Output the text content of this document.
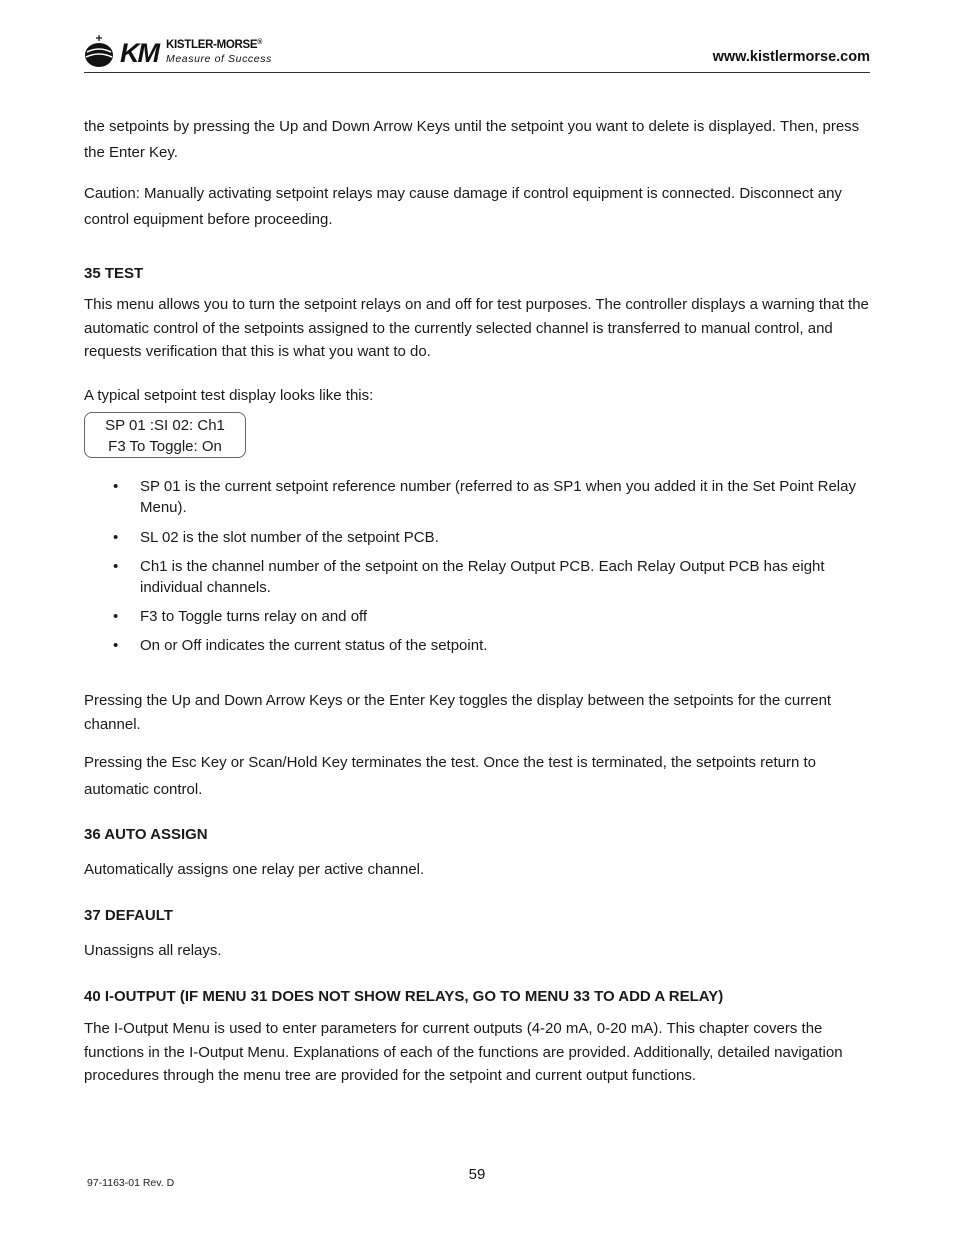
KM KISTLER-MORSE®
Measure of Success	www.kistlermorse.com

the setpoints by pressing the Up and Down Arrow Keys until the setpoint you want to delete is displayed. Then, press the Enter Key.

Caution: Manually activating setpoint relays may cause damage if control equipment is connected. Disconnect any control equipment before proceeding.

35 TEST

This menu allows you to turn the setpoint relays on and off for test purposes. The controller displays a warning that the automatic control of the setpoints assigned to the currently selected channel is transferred to manual control, and requests verification that this is what you want to do.

A typical setpoint test display looks like this:

SP 01 :SI 02: Ch1
F3 To Toggle: On
• SP 01 is the current setpoint reference number (referred to as SP1 when you added it in the Set Point Relay Menu).
• SL 02 is the slot number of the setpoint PCB.
• Ch1 is the channel number of the setpoint on the Relay Output PCB. Each Relay Output PCB has eight individual channels.
• F3 to Toggle turns relay on and off
• On or Off indicates the current status of the setpoint.

Pressing the Up and Down Arrow Keys or the Enter Key toggles the display between the setpoints for the current channel.

Pressing the Esc Key or Scan/Hold Key terminates the test. Once the test is terminated, the setpoints return to automatic control.

36 AUTO ASSIGN

Automatically assigns one relay per active channel.

37 DEFAULT

Unassigns all relays.

40 I-OUTPUT (IF MENU 31 DOES NOT SHOW RELAYS, GO TO MENU 33 TO ADD A RELAY)

The I-Output Menu is used to enter parameters for current outputs (4-20 mA, 0-20 mA). This chapter covers the functions in the I-Output Menu. Explanations of each of the functions are provided. Additionally, detailed navigation procedures through the menu tree are provided for the setpoint and current output functions.

97-1163-01 Rev. D	59
